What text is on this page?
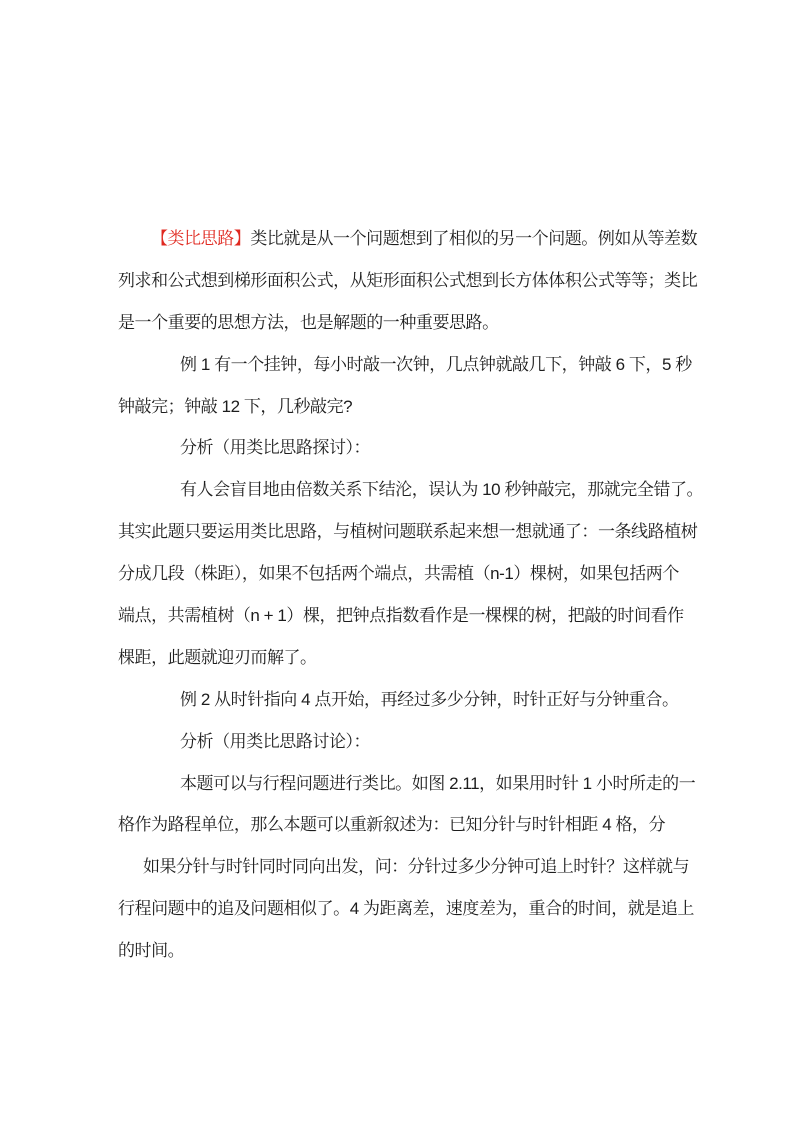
【类比思路】类比就是从一个问题想到了相似的另一个问题。例如从等差数
列求和公式想到梯形面积公式，从矩形面积公式想到长方体体积公式等等；类比
是一个重要的思想方法，也是解题的一种重要思路。
例 1 有一个挂钟，每小时敲一次钟，几点钟就敲几下，钟敲 6 下，5 秒
钟敲完；钟敲 12 下，几秒敲完?
分析（用类比思路探讨）：
有人会盲目地由倍数关系下结沦，误认为 10 秒钟敲完，那就完全错了。
其实此题只要运用类比思路，与植树问题联系起来想一想就通了：一条线路植树
分成几段（株距），如果不包括两个端点，共需植（n-1）棵树，如果包括两个
端点，共需植树（n + 1）棵，把钟点指数看作是一棵棵的树，把敲的时间看作
棵距，此题就迎刃而解了。
例 2 从时针指向 4 点开始，再经过多少分钟，时针正好与分钟重合。
分析（用类比思路讨论）：
本题可以与行程问题进行类比。如图 2.11，如果用时针 1 小时所走的一
格作为路程单位，那么本题可以重新叙述为：已知分针与时针相距 4 格，分
如果分针与时针同时同向出发，问：分针过多少分钟可追上时针？这样就与
行程问题中的追及问题相似了。4 为距离差，速度差为，重合的时间，就是追上
的时间。
